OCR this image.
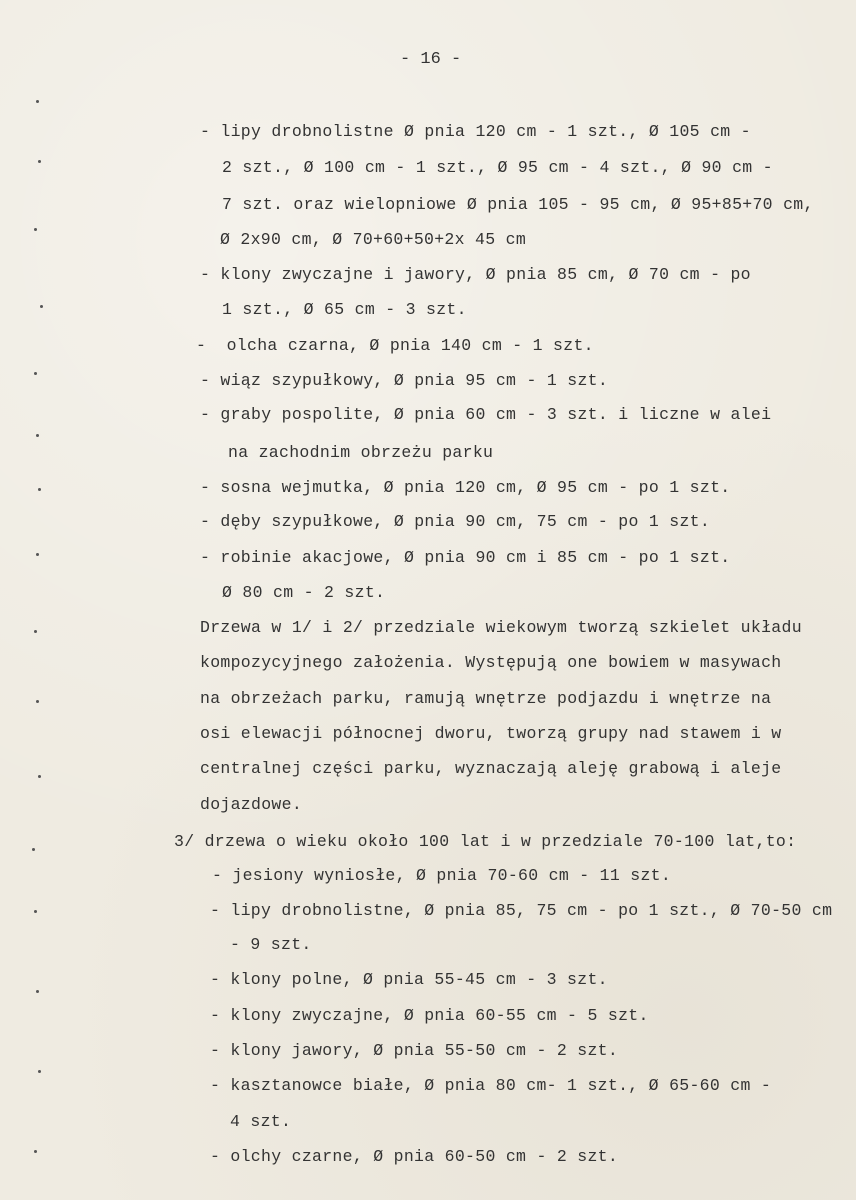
- 16 -
- lipy drobnolistne Ø pnia 120 cm - 1 szt., Ø 105 cm -
2 szt., Ø 100 cm - 1 szt., Ø 95 cm - 4 szt., Ø 90 cm -
7 szt. oraz wielopniowe Ø pnia 105 - 95 cm, Ø 95+85+70 cm,
Ø 2x90 cm, Ø 70+60+50+2x 45 cm
- klony zwyczajne i jawory, Ø pnia 85 cm, Ø 70 cm - po
1 szt., Ø 65 cm - 3 szt.
-  olcha czarna, Ø pnia 140 cm - 1 szt.
- wiąz szypułkowy, Ø pnia 95 cm - 1 szt.
- graby pospolite, Ø pnia 60 cm - 3 szt. i liczne w alei
na zachodnim obrzeżu parku
- sosna wejmutka, Ø pnia 120 cm, Ø 95 cm - po 1 szt.
- dęby szypułkowe, Ø pnia 90 cm, 75 cm - po 1 szt.
- robinie akacjowe, Ø pnia 90 cm i 85 cm - po 1 szt.
Ø 80 cm - 2 szt.
Drzewa w 1/ i 2/ przedziale wiekowym tworzą szkielet układu
kompozycyjnego założenia. Występują one bowiem w masywach
na obrzeżach parku, ramują wnętrze podjazdu i wnętrze na
osi elewacji północnej dworu, tworzą grupy nad stawem i w
centralnej części parku, wyznaczają aleję grabową i aleje
dojazdowe.
3/ drzewa o wieku około 100 lat i w przedziale 70-100 lat,to:
- jesiony wyniosłe, Ø pnia 70-60 cm - 11 szt.
- lipy drobnolistne, Ø pnia 85, 75 cm - po 1 szt., Ø 70-50 cm
- 9 szt.
- klony polne, Ø pnia 55-45 cm - 3 szt.
- klony zwyczajne, Ø pnia 60-55 cm - 5 szt.
- klony jawory, Ø pnia 55-50 cm - 2 szt.
- kasztanowce białe, Ø pnia 80 cm- 1 szt., Ø 65-60 cm -
4 szt.
- olchy czarne, Ø pnia 60-50 cm - 2 szt.
